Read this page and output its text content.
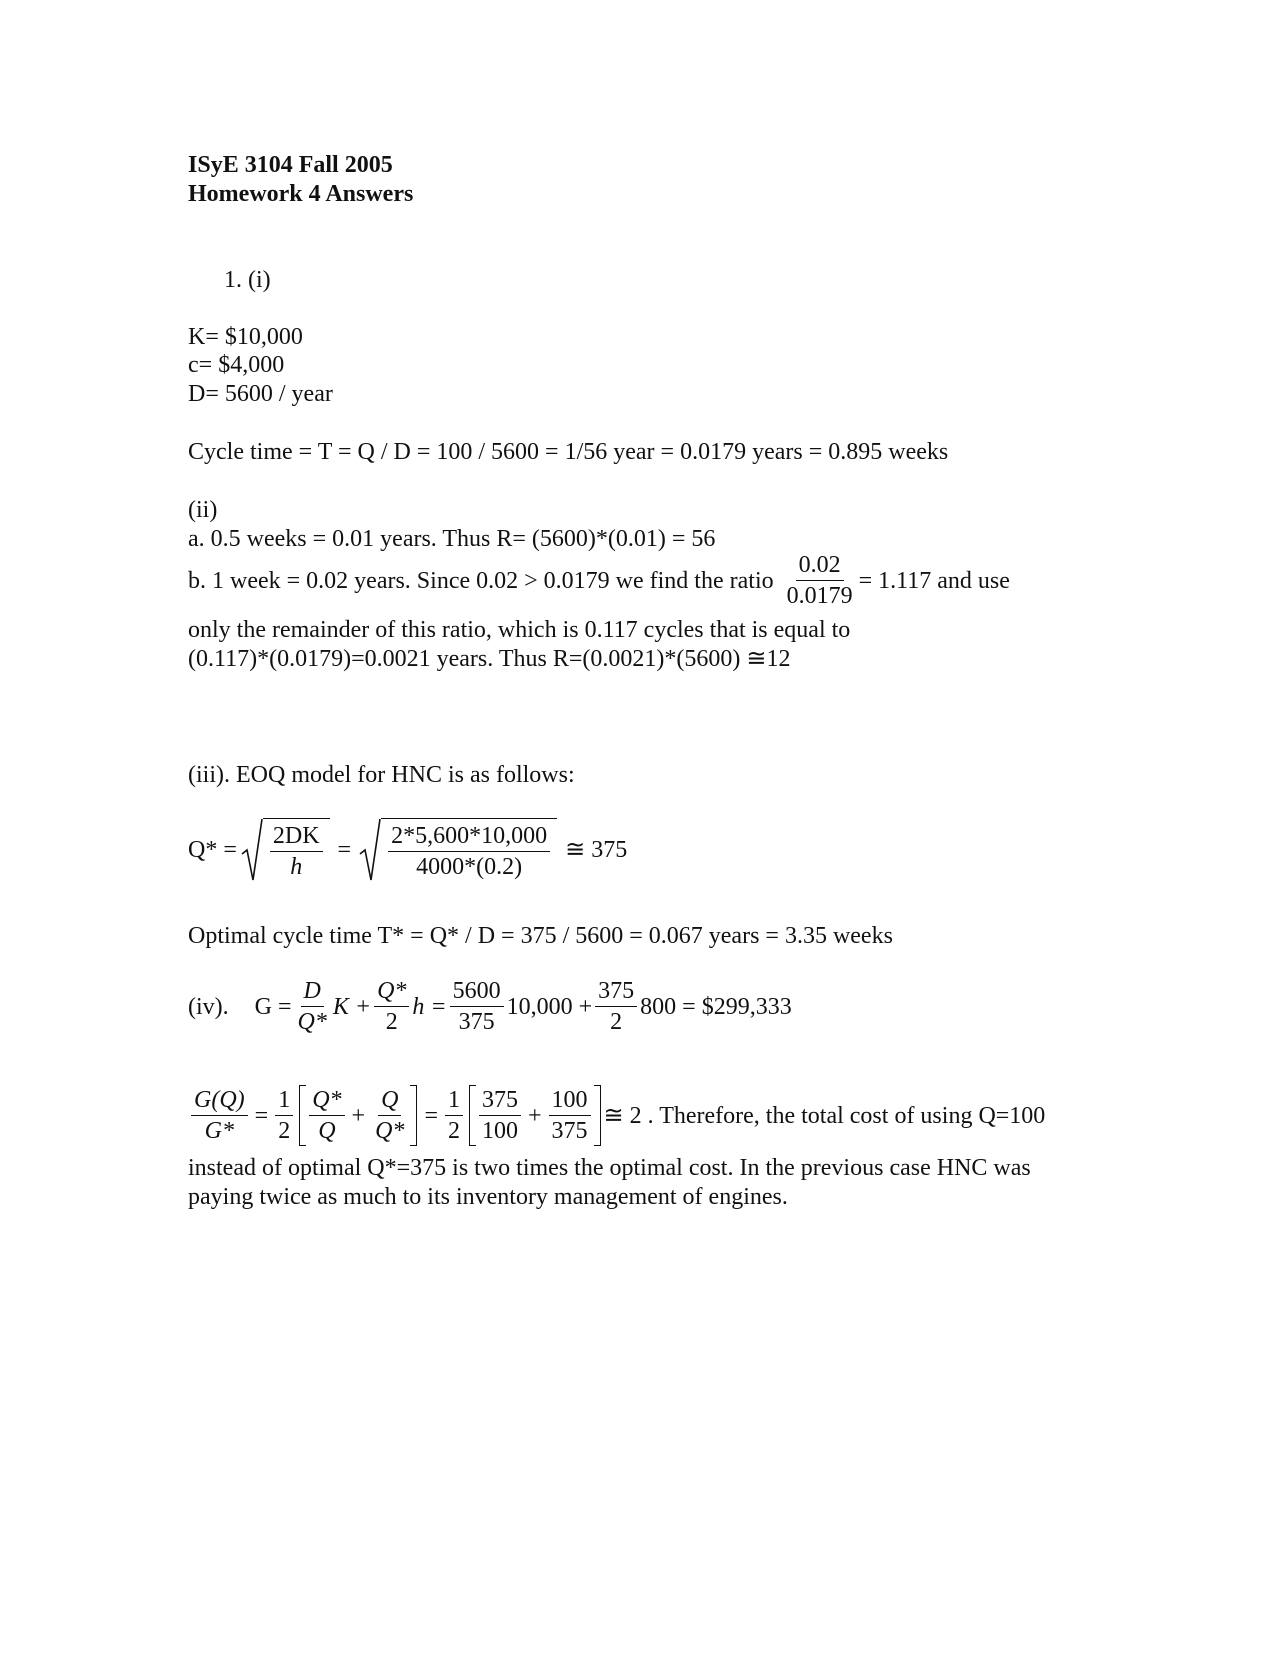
ISyE 3104 Fall 2005
Homework 4 Answers
1. (i)
K= $10,000
c= $4,000
D= 5600 / year
Cycle time = T = Q / D = 100 / 5600 = 1/56 year = 0.0179 years = 0.895 weeks
(ii)
a. 0.5 weeks = 0.01 years. Thus R= (5600)*(0.01) = 56
b. 1 week = 0.02 years. Since 0.02 > 0.0179 we find the ratio $\frac{0.02}{0.0179} = 1.117$ and use
only the remainder of this ratio, which is 0.117 cycles that is equal to
(0.117)*(0.0179)=0.0021 years. Thus R=(0.0021)*(5600) ≅12
(iii). EOQ model for HNC is as follows:
$Q* = \frac{2DK}{h} = \frac{2*5,600*10,000}{4000*(0.2)}$ ≅ 375
Optimal cycle time T* = Q* / D = 375 / 5600 = 0.067 years = 3.35 weeks
(iv). $G = \frac{D}{Q*}$ $K + \frac{Q*}{2}$ $h = \frac{5600}{375} 10,000 + \frac{375}{2} 800$ = $299,333
$\frac{G(Q)}{G*} = \frac{1}{2} \frac{Q*}{Q} + \frac{Q}{Q*} = \frac{1}{2} \frac{375}{100} + \frac{100}{375}$ ≅ 2 . Therefore, the total cost of using Q=100
instead of optimal Q*=375 is two times the optimal cost. In the previous case HNC was
paying twice as much to its inventory management of engines.
